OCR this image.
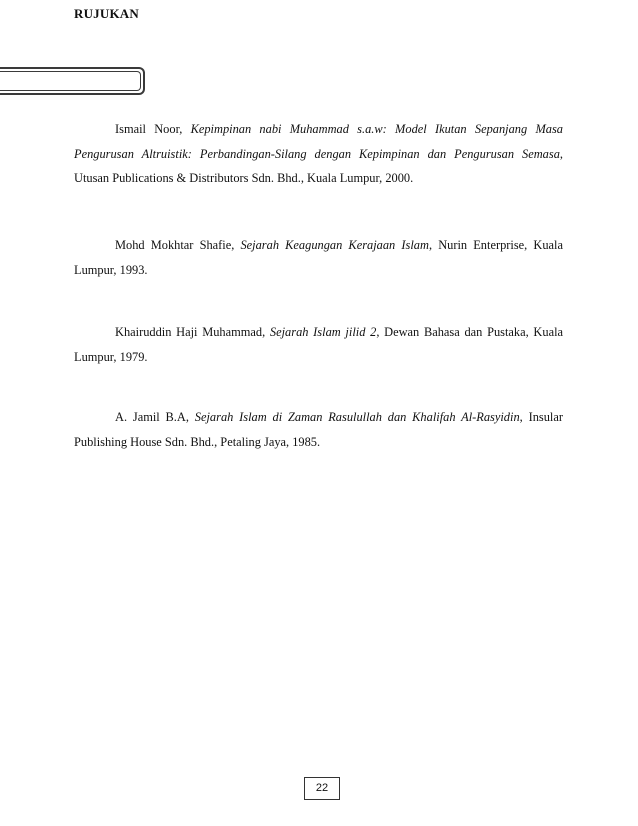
RUJUKAN

Ismail Noor, Kepimpinan nabi Muhammad s.a.w: Model Ikutan Sepanjang Masa Pengurusan Altruistik: Perbandingan-Silang dengan Kepimpinan dan Pengurusan Semasa, Utusan Publications & Distributors Sdn. Bhd., Kuala Lumpur, 2000.

Mohd Mokhtar Shafie, Sejarah Keagungan Kerajaan Islam, Nurin Enterprise, Kuala Lumpur, 1993.

Khairuddin Haji Muhammad, Sejarah Islam jilid 2, Dewan Bahasa dan Pustaka, Kuala Lumpur, 1979.

A. Jamil B.A, Sejarah Islam di Zaman Rasulullah dan Khalifah Al-Rasyidin, Insular Publishing House Sdn. Bhd., Petaling Jaya, 1985.

22
